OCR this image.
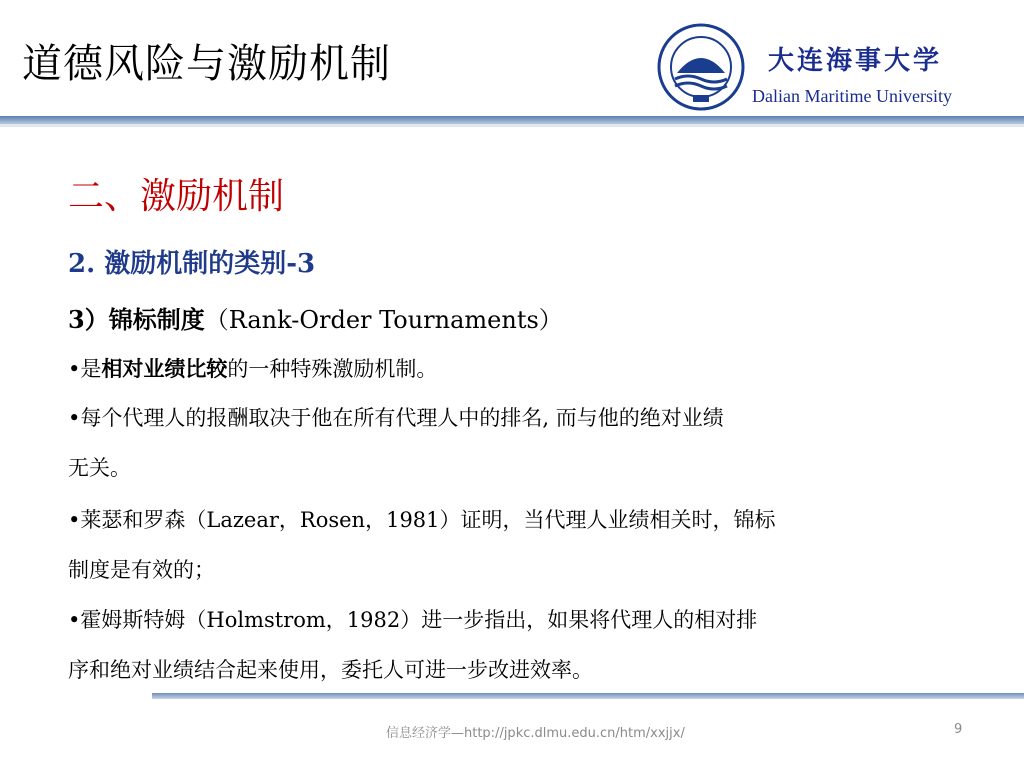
道德风险与激励机制	大连海事大学
Dalian Maritime University
二、激励机制
2. 激励机制的类别-3
3）锦标制度（Rank-Order Tournaments）
•是相对业绩比较的一种特殊激励机制。
•每个代理人的报酬取决于他在所有代理人中的排名, 而与他的绝对业绩
无关。
•莱瑟和罗森（Lazear，Rosen，1981）证明，当代理人业绩相关时，锦标
制度是有效的；
•霍姆斯特姆（Holmstrom，1982）进一步指出，如果将代理人的相对排
序和绝对业绩结合起来使用，委托人可进一步改进效率。
信息经济学—http://jpkc.dlmu.edu.cn/htm/xxjjx/	9
